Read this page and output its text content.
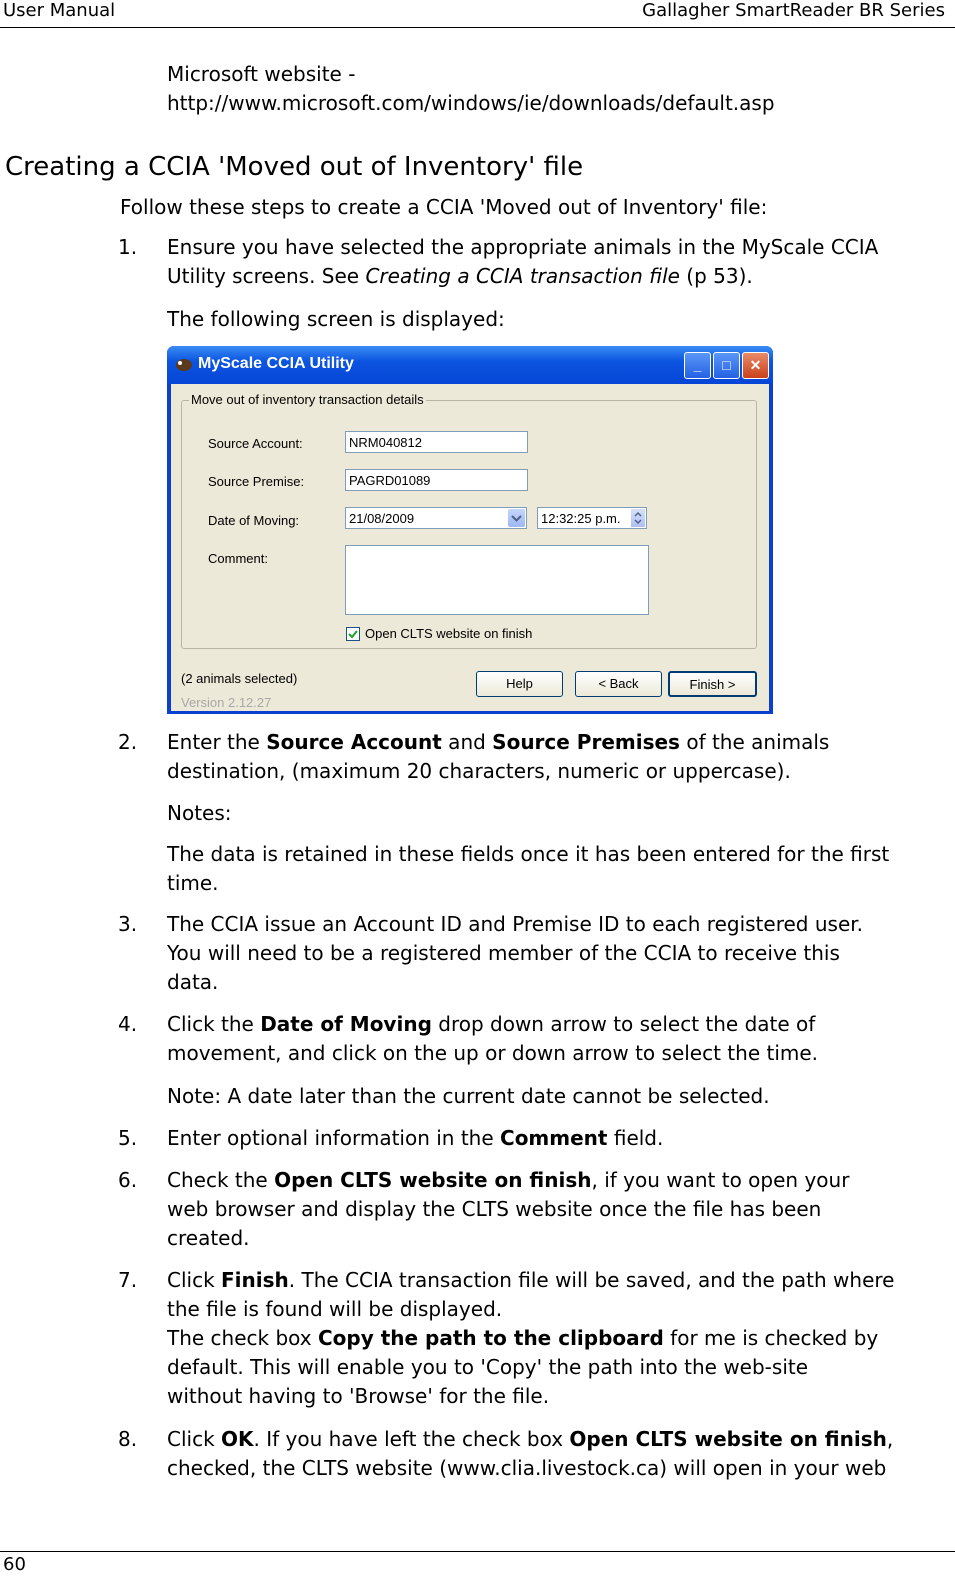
User Manual	Gallagher SmartReader BR Series
Microsoft website -
http://www.microsoft.com/windows/ie/downloads/default.asp
Creating a CCIA 'Moved out of Inventory' file
Follow these steps to create a CCIA 'Moved out of Inventory' file:
1. Ensure you have selected the appropriate animals in the MyScale CCIA
Utility screens. See Creating a CCIA transaction file (p 53).
The following screen is displayed:
MyScale CCIA Utility	_	□	✕
Move out of inventory transaction details
Source Account:	NRM040812
Source Premise:	PAGRD01089
Date of Moving:	21/08/2009	12:32:25 p.m.
Comment:
Open CLTS website on finish
(2 animals selected)
Version 2.12.27
Help	< Back	Finish >
2. Enter the Source Account and Source Premises of the animals
destination, (maximum 20 characters, numeric or uppercase).
Notes:
The data is retained in these fields once it has been entered for the first
time.
3. The CCIA issue an Account ID and Premise ID to each registered user.
You will need to be a registered member of the CCIA to receive this
data.
4. Click the Date of Moving drop down arrow to select the date of
movement, and click on the up or down arrow to select the time.
Note: A date later than the current date cannot be selected.
5. Enter optional information in the Comment field.
6. Check the Open CLTS website on finish, if you want to open your
web browser and display the CLTS website once the file has been
created.
7. Click Finish. The CCIA transaction file will be saved, and the path where
the file is found will be displayed.
The check box Copy the path to the clipboard for me is checked by
default. This will enable you to 'Copy' the path into the web-site
without having to 'Browse' for the file.
8. Click OK. If you have left the check box Open CLTS website on finish,
checked, the CLTS website (www.clia.livestock.ca) will open in your web
60
